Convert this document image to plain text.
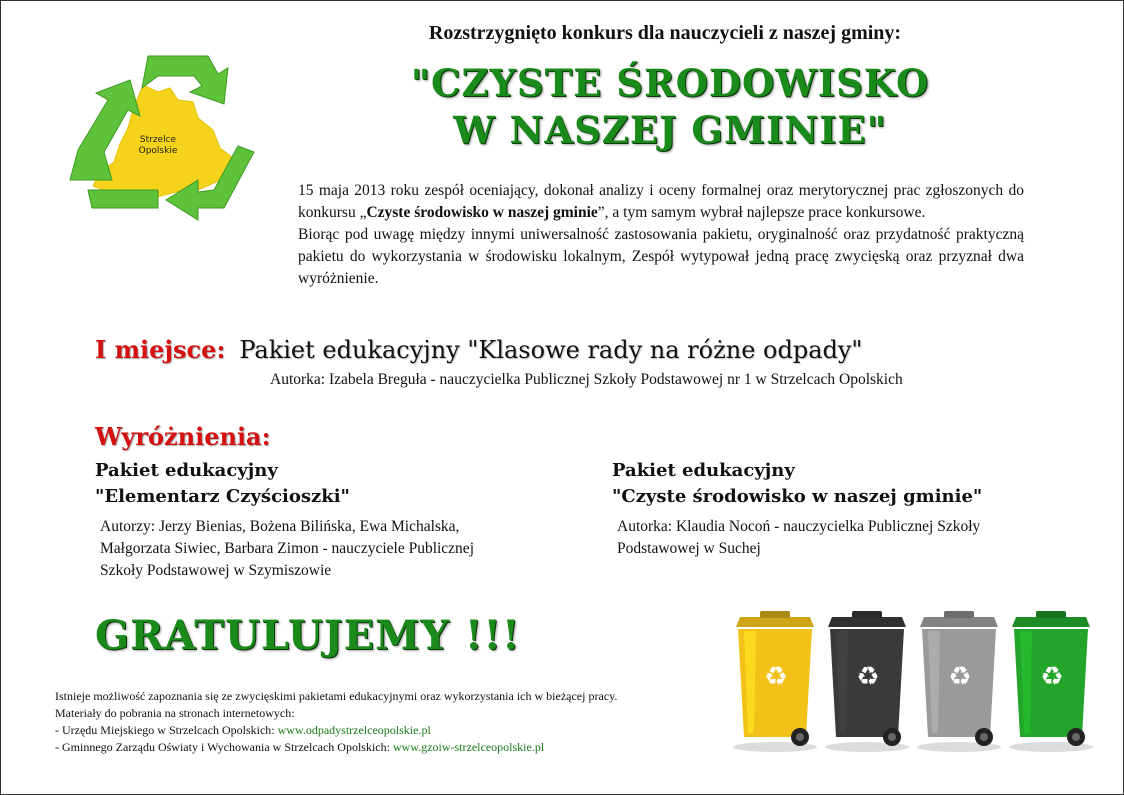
Strzelce
Opolskie
Rozstrzygnięto konkurs dla nauczycieli z naszej gminy:
"CZYSTE ŚRODOWISKO
W NASZEJ GMINIE"

15 maja 2013 roku zespół oceniający, dokonał analizy i oceny formalnej oraz merytorycznej prac zgłoszonych do konkursu „Czyste środowisko w naszej gminie”, a tym samym wybrał najlepsze prace konkursowe.

Biorąc pod uwagę między innymi uniwersalność zastosowania pakietu, oryginalność oraz przydatność praktyczną pakietu do wykorzystania w środowisku lokalnym, Zespół wytypował jedną pracę zwycięską oraz przyznał dwa wyróżnienie.

I miejsce: Pakiet edukacyjny "Klasowe rady na różne odpady"
Autorka: Izabela Breguła - nauczycielka Publicznej Szkoły Podstawowej nr 1 w Strzelcach Opolskich
Wyróżnienia:
Pakiet edukacyjny
"Elementarz Czyścioszki"
Autorzy: Jerzy Bienias, Bożena Bilińska, Ewa Michalska,
Małgorzata Siwiec, Barbara Zimon - nauczyciele Publicznej
Szkoły Podstawowej w Szymiszowie
Pakiet edukacyjny
"Czyste środowisko w naszej gminie"
Autorka: Klaudia Nocoń - nauczycielka Publicznej Szkoły
Podstawowej w Suchej
GRATULUJEMY !!!
Istnieje możliwość zapoznania się ze zwycięskimi pakietami edukacyjnymi oraz wykorzystania ich w bieżącej pracy.
Materiały do pobrania na stronach internetowych:
- Urzędu Miejskiego w Strzelcach Opolskich: www.odpadystrzelceopolskie.pl
- Gminnego Zarządu Oświaty i Wychowania w Strzelcach Opolskich: www.gzoiw-strzelceopolskie.pl
♻	♻	♻	♻
